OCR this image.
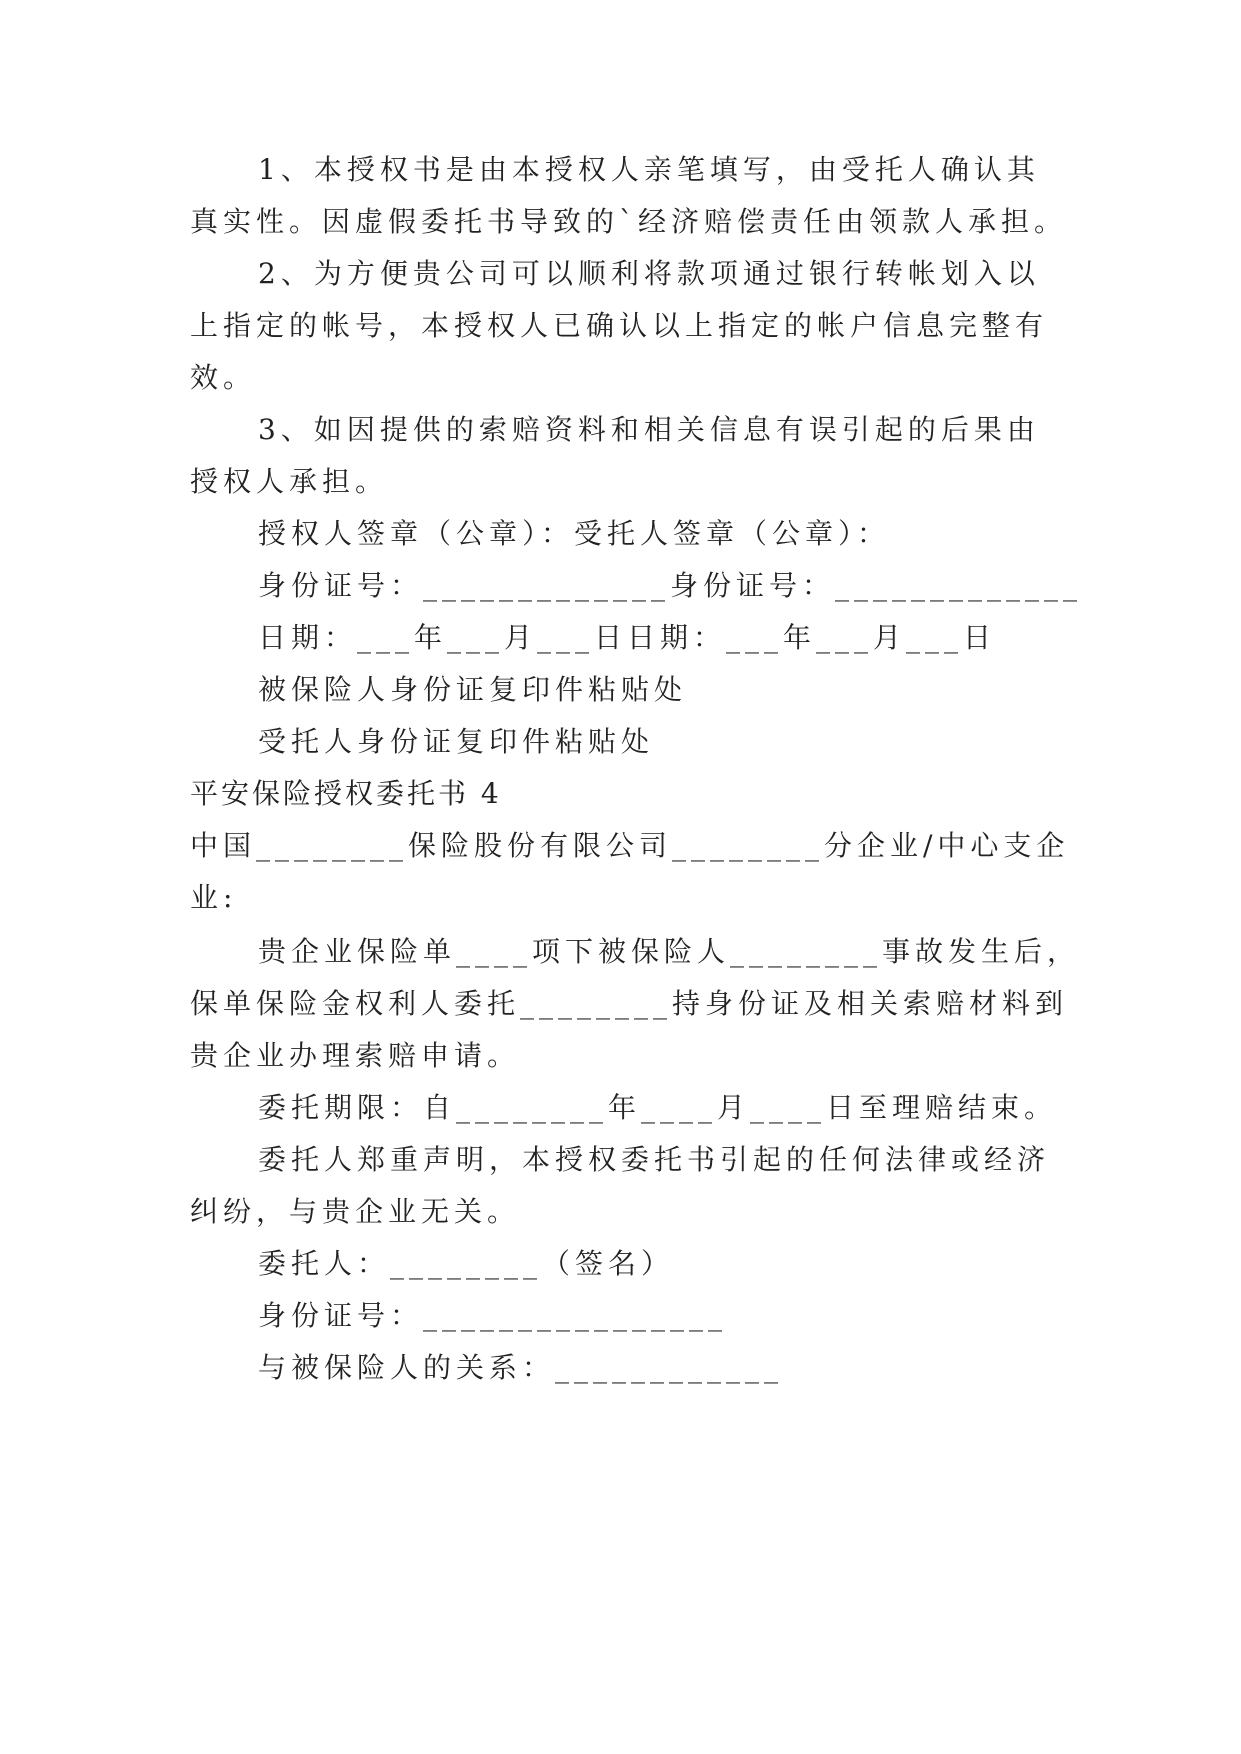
1、本授权书是由本授权人亲笔填写，由受托人确认其
真实性。因虚假委托书导致的`经济赔偿责任由领款人承担。
2、为方便贵公司可以顺利将款项通过银行转帐划入以
上指定的帐号，本授权人已确认以上指定的帐户信息完整有
效。
3、如因提供的索赔资料和相关信息有误引起的后果由
授权人承担。
授权人签章（公章）：受托人签章（公章）：
身份证号：_____________身份证号：_____________
日期：___年___月___日日期：___年___月___日
被保险人身份证复印件粘贴处
受托人身份证复印件粘贴处
平安保险授权委托书 4
中国________保险股份有限公司________分企业/中心支企
业:
贵企业保险单____项下被保险人________事故发生后，
保单保险金权利人委托________持身份证及相关索赔材料到
贵企业办理索赔申请。
委托期限：自________年____月____日至理赔结束。
委托人郑重声明，本授权委托书引起的任何法律或经济
纠纷，与贵企业无关。
委托人：________（签名）
身份证号：________________
与被保险人的关系：____________
